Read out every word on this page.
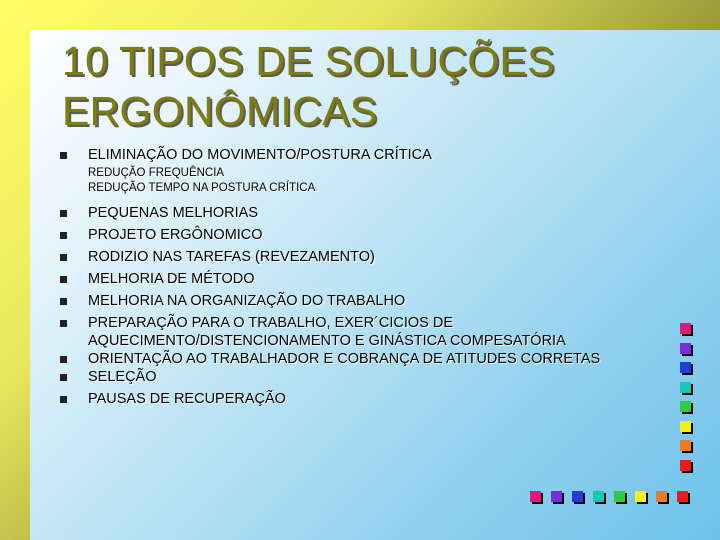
10 TIPOS DE SOLUÇÕES
ERGONÔMICAS
ELIMINAÇÃO DO MOVIMENTO/POSTURA CRÍTICA
REDUÇÃO FREQUÊNCIA
REDUÇÃO TEMPO NA POSTURA CRÍTICA
PEQUENAS MELHORIAS
PROJETO ERGÔNOMICO
RODIZIO NAS TAREFAS (REVEZAMENTO)
MELHORIA DE MÉTODO
MELHORIA NA ORGANIZAÇÃO DO TRABALHO
PREPARAÇÃO PARA O TRABALHO, EXER´CICIOS DE AQUECIMENTO/DISTENCIONAMENTO E GINÁSTICA COMPESATÓRIA
ORIENTAÇÃO AO TRABALHADOR E COBRANÇA DE ATITUDES CORRETAS
SELEÇÃO
PAUSAS DE RECUPERAÇÃO
